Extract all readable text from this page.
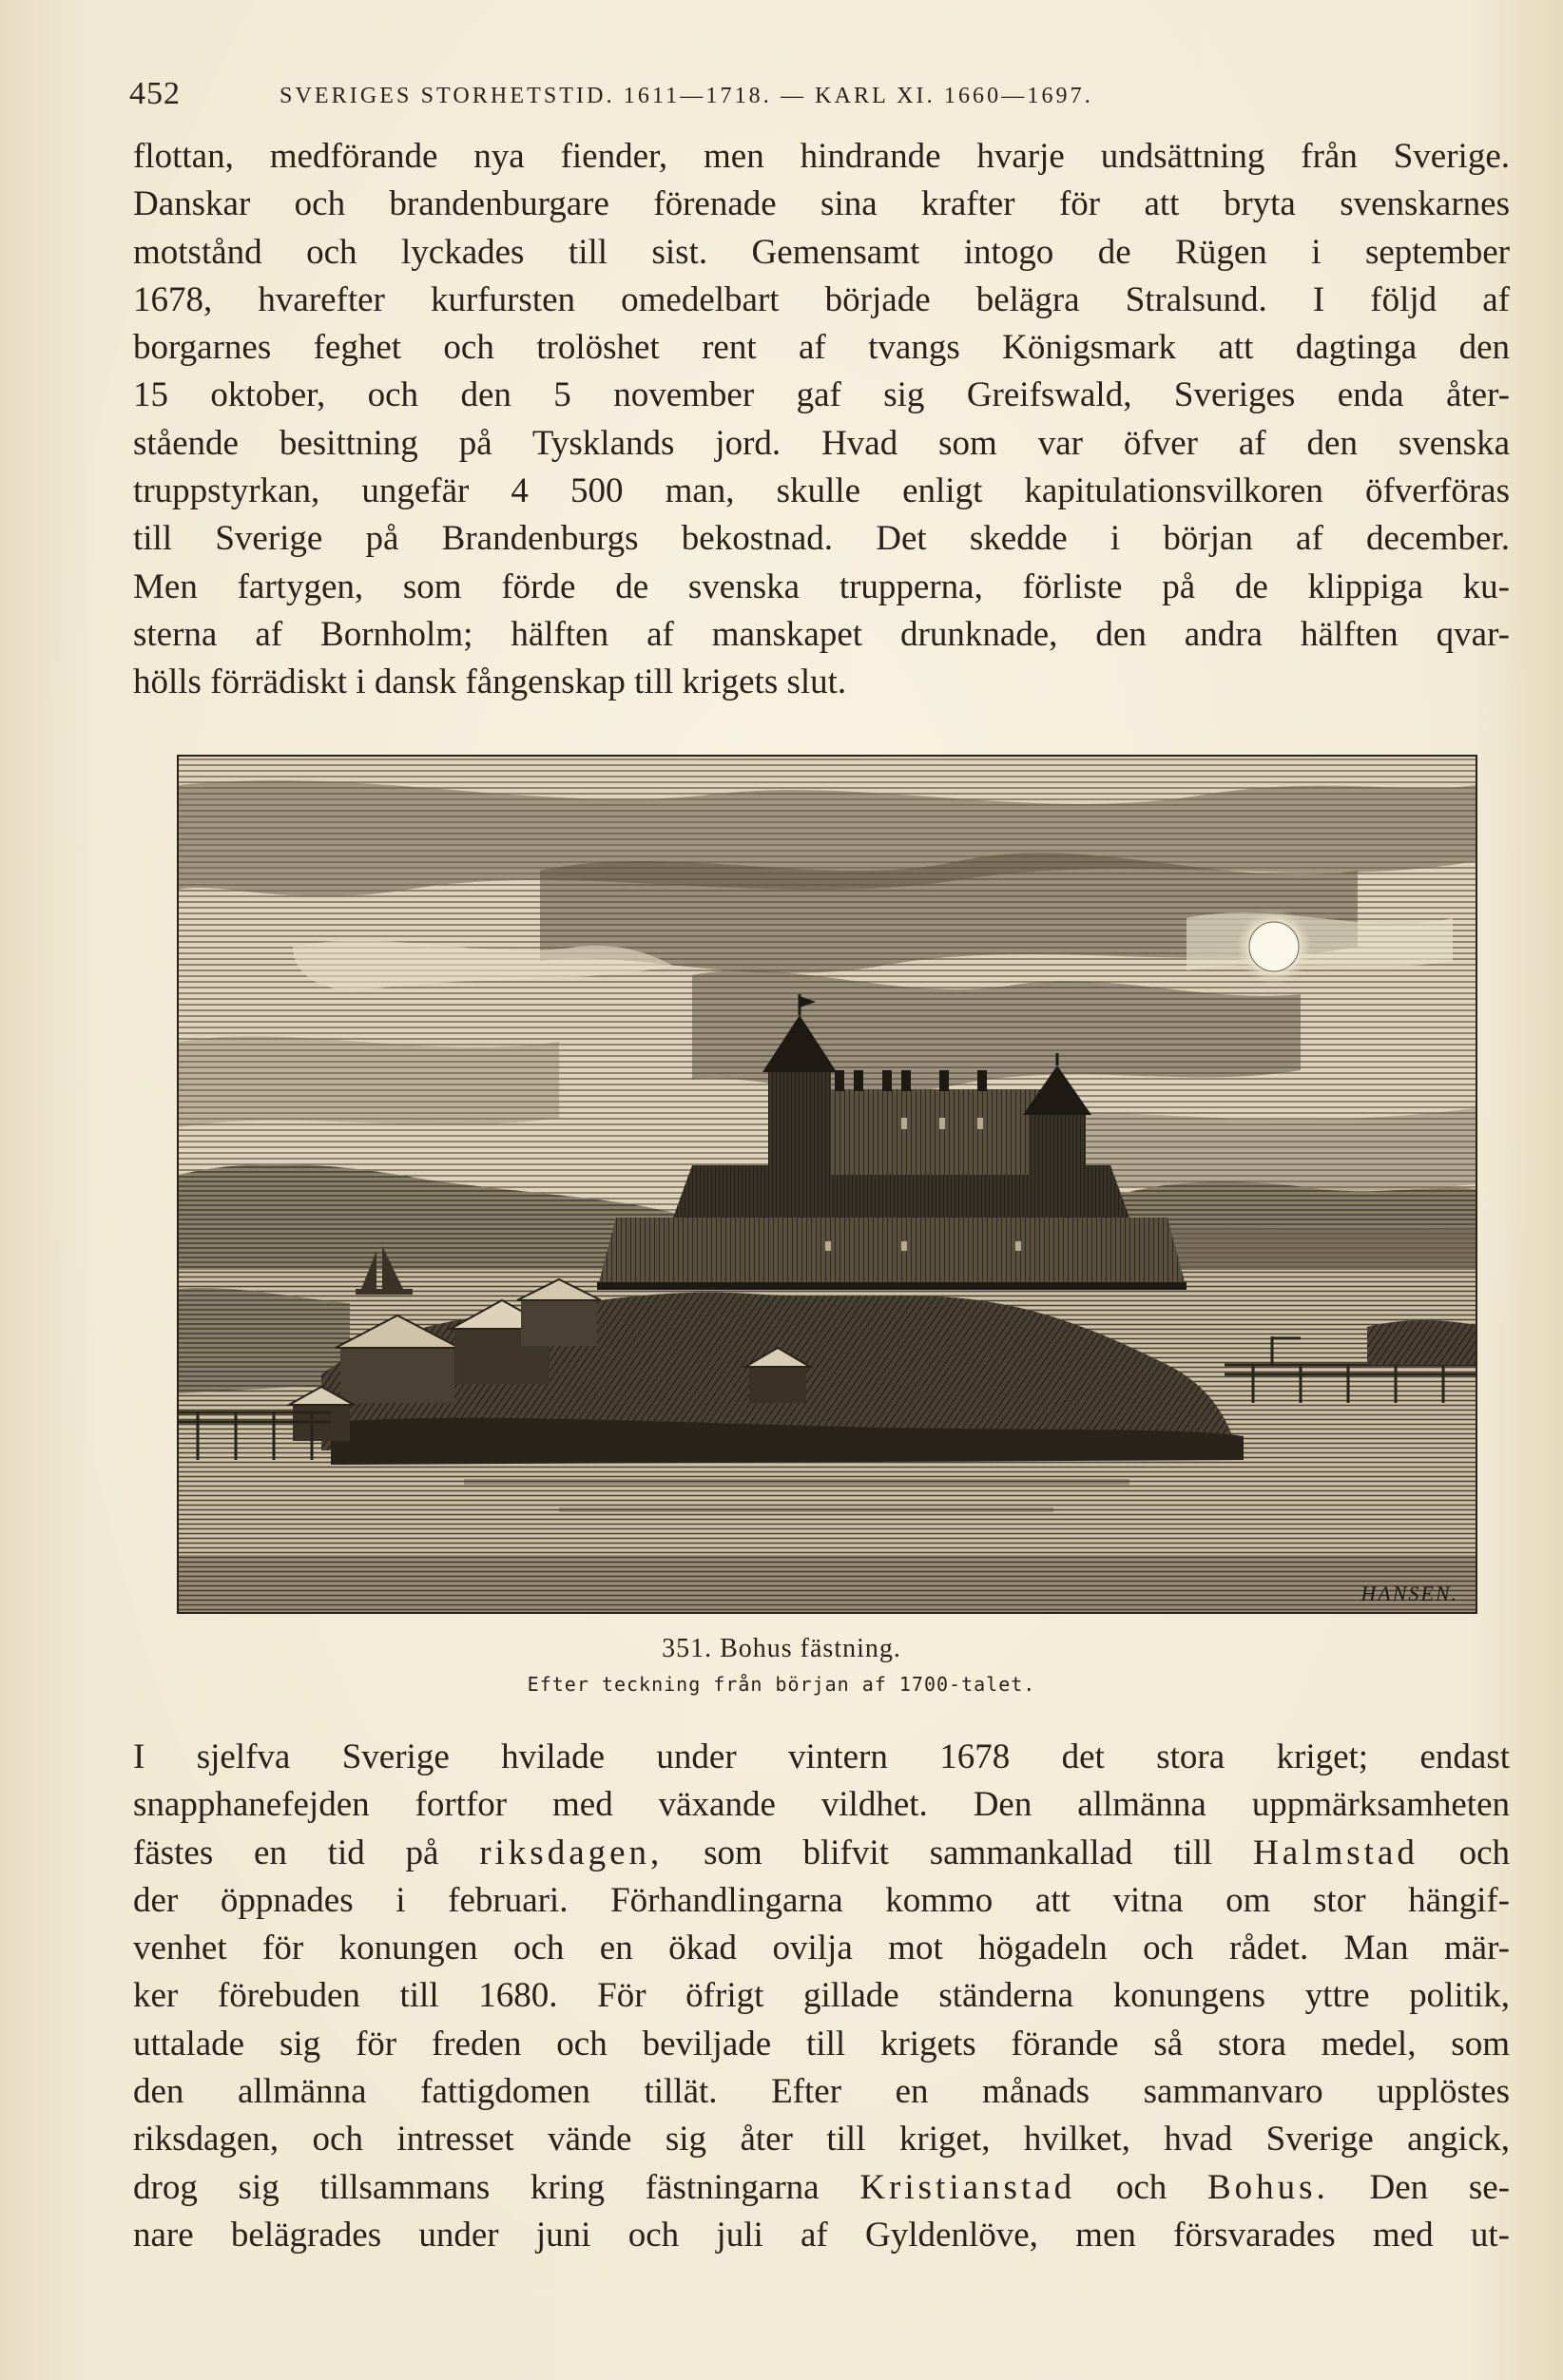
452	SVERIGES STORHETSTID. 1611—1718. — KARL XI. 1660—1697.
flottan, medförande nya fiender, men hindrande hvarje undsättning från Sverige.
Danskar och brandenburgare förenade sina krafter för att bryta svenskarnes
motstånd och lyckades till sist. Gemensamt intogo de Rügen i september
1678, hvarefter kurfursten omedelbart började belägra Stralsund. I följd af
borgarnes feghet och trolöshet rent af tvangs Königsmark att dagtinga den
15 oktober, och den 5 november gaf sig Greifswald, Sveriges enda åter-
stående besittning på Tysklands jord. Hvad som var öfver af den svenska
truppstyrkan, ungefär 4 500 man, skulle enligt kapitulationsvilkoren öfverföras
till Sverige på Brandenburgs bekostnad. Det skedde i början af december.
Men fartygen, som förde de svenska trupperna, förliste på de klippiga ku-
sterna af Bornholm; hälften af manskapet drunknade, den andra hälften qvar-
hölls förrädiskt i dansk fångenskap till krigets slut.
HANSEN.
351. Bohus fästning.
Efter teckning från början af 1700-talet.
I sjelfva Sverige hvilade under vintern 1678 det stora kriget; endast
snapphanefejden fortfor med växande vildhet. Den allmänna uppmärksamheten
fästes en tid på riksdagen, som blifvit sammankallad till Halmstad och
der öppnades i februari. Förhandlingarna kommo att vitna om stor hängif-
venhet för konungen och en ökad ovilja mot högadeln och rådet. Man mär-
ker förebuden till 1680. För öfrigt gillade ständerna konungens yttre politik,
uttalade sig för freden och beviljade till krigets förande så stora medel, som
den allmänna fattigdomen tillät. Efter en månads sammanvaro upplöstes
riksdagen, och intresset vände sig åter till kriget, hvilket, hvad Sverige angick,
drog sig tillsammans kring fästningarna Kristianstad och Bohus. Den se-
nare belägrades under juni och juli af Gyldenlöve, men försvarades med ut-
